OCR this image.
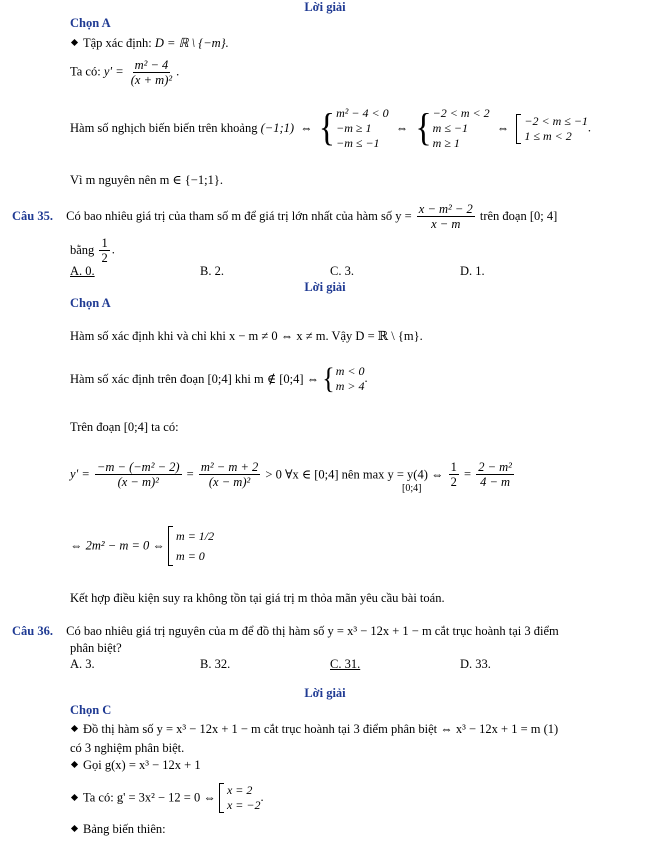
Lời giải
Chọn A
Tập xác định: D = ℝ \ {−m}.
Ta có: $y' = \frac{\text{m² − 4}}{\text{(x + m)²}}$ .
Hàm số nghịch biến biến trên khoảng (−1;1) ⇔ { m² − 4 < 0
−m ≥ 1
−m ≤ −1
⇔ { −2 < m < 2
m ≤ −1
m ≥ 1
⇔
−2 < m ≤ −1
1 ≤ m < 2
.
Vì m nguyên nên m ∈ {−1;1}.
Câu 35. Có bao nhiêu giá trị của tham số m để giá trị lớn nhất của hàm số $y = \frac{\text{x − m² − 2}}{x - m}$ trên đoạn [0; 4]
bằng $\frac{1}{2}$ .
A. 0.	B. 2.	C. 3.	D. 1.
Lời giải
Chọn A
Hàm số xác định khi và chỉ khi x − m ≠ 0 ⇔ x ≠ m. Vậy D = ℝ \ {m}.
Hàm số xác định trên đoạn [0;4] khi m ∉ [0;4] ⇔ { m < 0
m > 4
.
Trên đoạn [0;4] ta có:
$y' = \frac{\text{−m − (−m² − 2)}}{\text{(x − m)²}} = \frac{\text{m² − m + 2}}{\text{(x − m)²}} > 0$ ∀x ∈ [0;4] nên max y = y(4) ⇔ $\frac{1}{2} = \frac{\text{2 − m²}}{4 - m}$
[0;4]
⇔ 2m² − m = 0 ⇔
m = 1/2
m = 0
Kết hợp điều kiện suy ra không tồn tại giá trị m thỏa mãn yêu cầu bài toán.
Câu 36. Có bao nhiêu giá trị nguyên của m để đồ thị hàm số y = x³ − 12x + 1 − m cắt trục hoành tại 3 điểm
phân biệt?
A. 3.	B. 32.	C. 31.	D. 33.
Lời giải
Chọn C
Đồ thị hàm số y = x³ − 12x + 1 − m cắt trục hoành tại 3 điểm phân biệt ⇔ x³ − 12x + 1 = m (1)
có 3 nghiệm phân biệt.
Gọi g(x) = x³ − 12x + 1
Ta có: g' = 3x² − 12 = 0 ⇔
x = 2
x = −2
.
Bảng biến thiên:
